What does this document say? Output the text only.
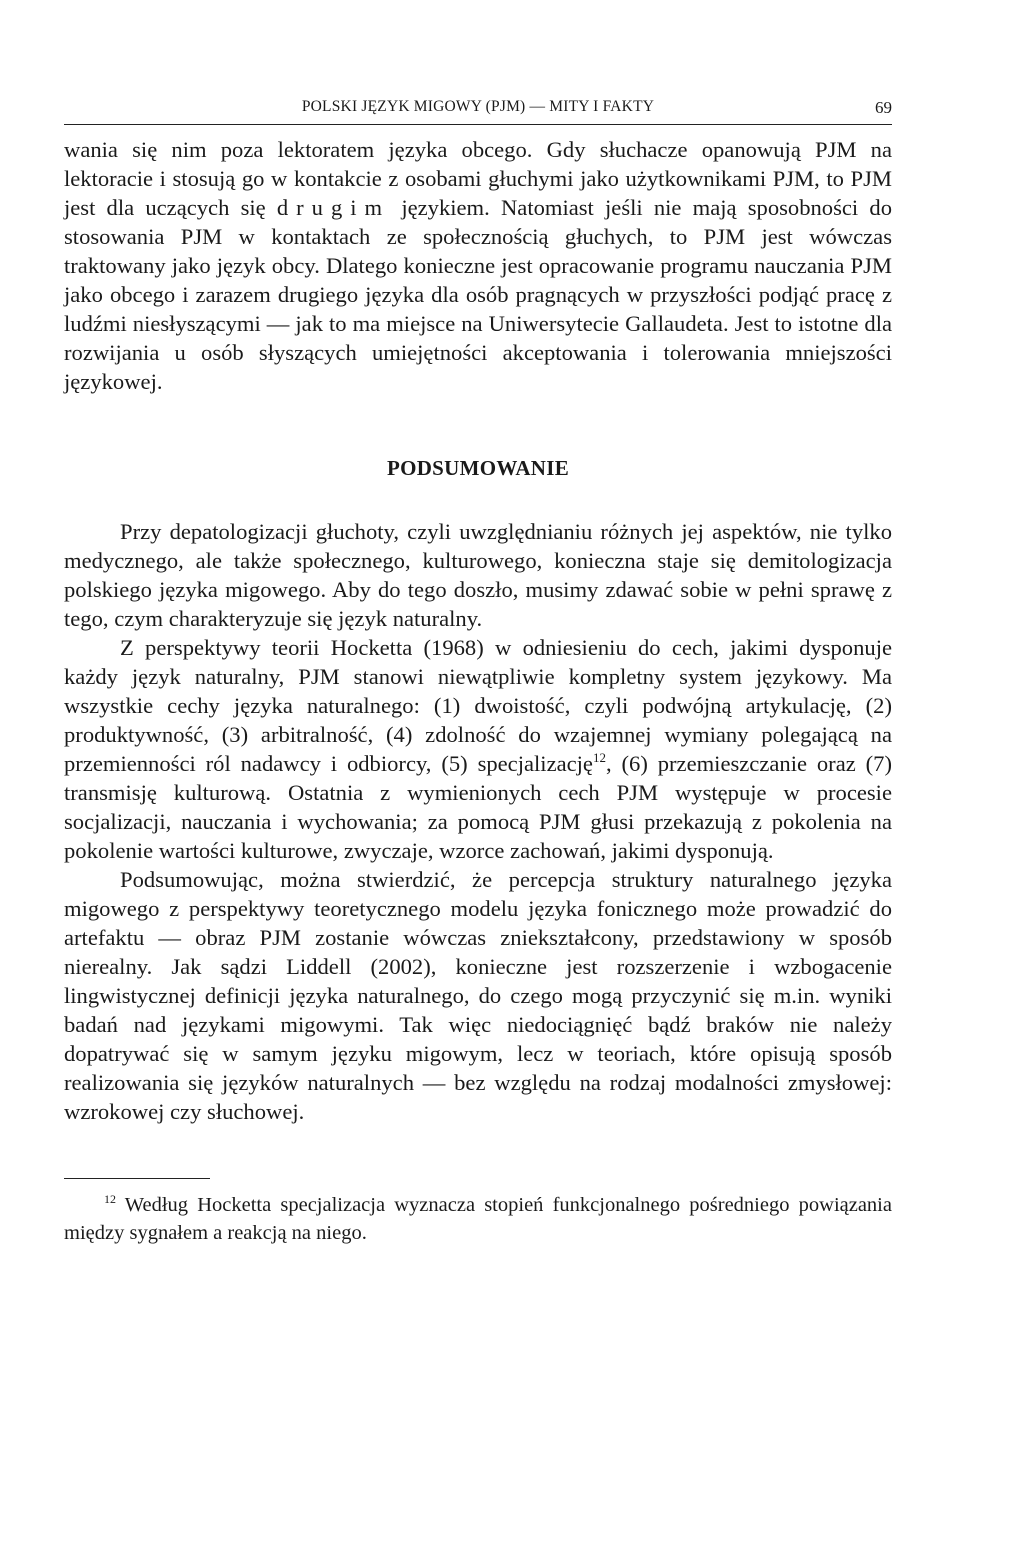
POLSKI JĘZYK MIGOWY (PJM) — MITY I FAKTY	69

wania się nim poza lektoratem języka obcego. Gdy słuchacze opanowują PJM na lektoracie i stosują go w kontakcie z osobami głuchymi jako użytkownikami PJM, to PJM jest dla uczących się drugim językiem. Natomiast jeśli nie mają sposobności do stosowania PJM w kontaktach ze społecznością głuchych, to PJM jest wówczas traktowany jako język obcy. Dlatego konieczne jest opracowanie programu nauczania PJM jako obcego i zarazem drugiego języka dla osób pragnących w przyszłości podjąć pracę z ludźmi niesłyszącymi — jak to ma miejsce na Uniwersytecie Gallaudeta. Jest to istotne dla rozwijania u osób słyszących umiejętności akceptowania i tolerowania mniejszości językowej.

PODSUMOWANIE

Przy depatologizacji głuchoty, czyli uwzględnianiu różnych jej aspektów, nie tylko medycznego, ale także społecznego, kulturowego, konieczna staje się demitologizacja polskiego języka migowego. Aby do tego doszło, musimy zdawać sobie w pełni sprawę z tego, czym charakteryzuje się język naturalny.

Z perspektywy teorii Hocketta (1968) w odniesieniu do cech, jakimi dysponuje każdy język naturalny, PJM stanowi niewątpliwie kompletny system językowy. Ma wszystkie cechy języka naturalnego: (1) dwoistość, czyli podwójną artykulację, (2) produktywność, (3) arbitralność, (4) zdolność do wzajemnej wymiany polegającą na przemienności ról nadawcy i odbiorcy, (5) specjalizację$^{12}$, (6) przemieszczanie oraz (7) transmisję kulturową. Ostatnia z wymienionych cech PJM występuje w procesie socjalizacji, nauczania i wychowania; za pomocą PJM głusi przekazują z pokolenia na pokolenie wartości kulturowe, zwyczaje, wzorce zachowań, jakimi dysponują.

Podsumowując, można stwierdzić, że percepcja struktury naturalnego języka migowego z perspektywy teoretycznego modelu języka fonicznego może prowadzić do artefaktu — obraz PJM zostanie wówczas zniekształcony, przedstawiony w sposób nierealny. Jak sądzi Liddell (2002), konieczne jest rozszerzenie i wzbogacenie lingwistycznej definicji języka naturalnego, do czego mogą przyczynić się m.in. wyniki badań nad językami migowymi. Tak więc niedociągnięć bądź braków nie należy dopatrywać się w samym języku migowym, lecz w teoriach, które opisują sposób realizowania się języków naturalnych — bez względu na rodzaj modalności zmysłowej: wzrokowej czy słuchowej.

$^{12}$ Według Hocketta specjalizacja wyznacza stopień funkcjonalnego pośredniego powiązania między sygnałem a reakcją na niego.
